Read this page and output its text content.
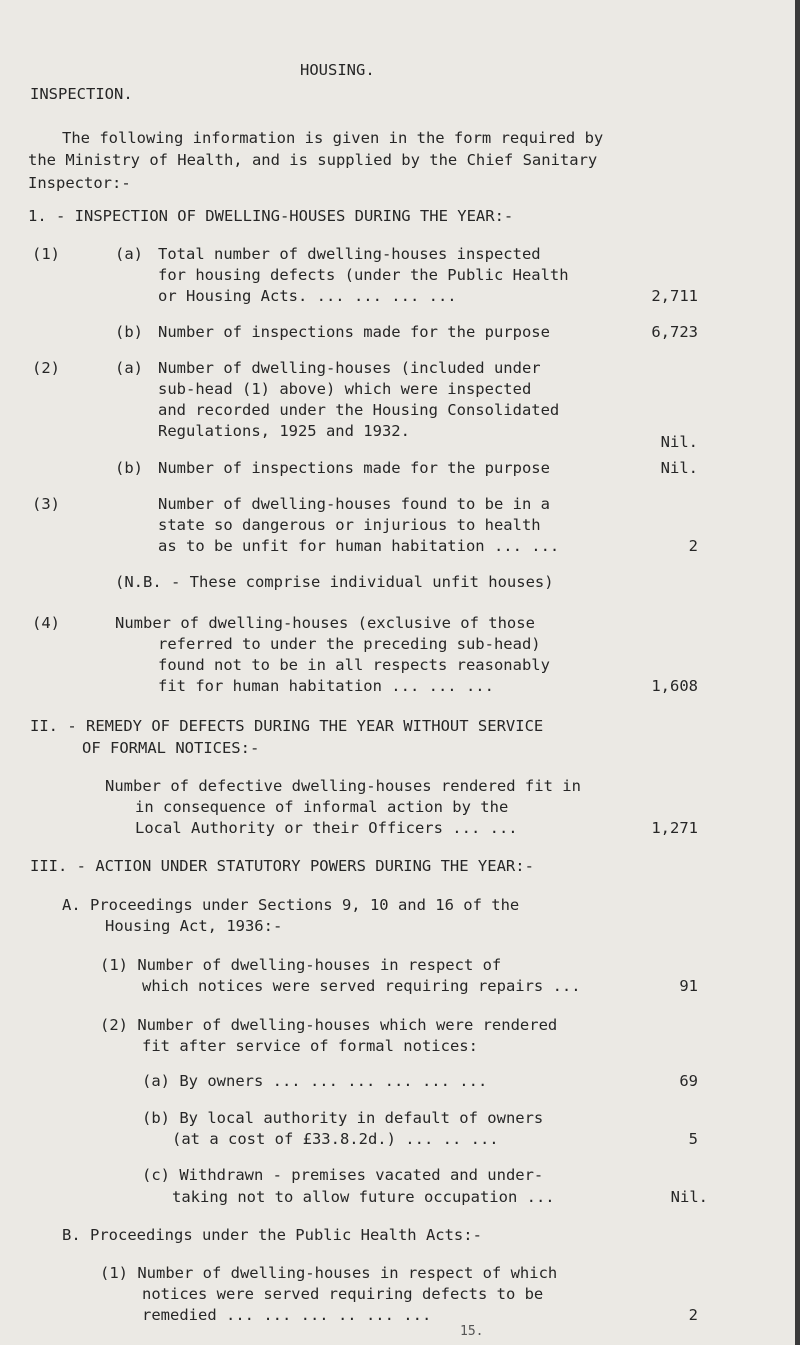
HOUSING.
INSPECTION.
The following information is given in the form required by
the Ministry of Health, and is supplied by the Chief Sanitary
Inspector:-
1. - INSPECTION OF DWELLING-HOUSES DURING THE YEAR:-
(1)	(a) Total number of dwelling-houses inspected
for housing defects (under the Public Health
or Housing Acts. ... ... ... ...	2,711
(b) Number of inspections made for the purpose	6,723
(2)	(a) Number of dwelling-houses (included under
sub-head (1) above) which were inspected
and recorded under the Housing Consolidated
Regulations, 1925 and 1932.
Nil.
(b) Number of inspections made for the purpose	Nil.
(3)	Number of dwelling-houses found to be in a
state so dangerous or injurious to health
as to be unfit for human habitation ... ...	2
(N.B. - These comprise individual unfit houses)
(4)	Number of dwelling-houses (exclusive of those
referred to under the preceding sub-head)
found not to be in all respects reasonably
fit for human habitation ... ... ...	1,608
II. - REMEDY OF DEFECTS DURING THE YEAR WITHOUT SERVICE
OF FORMAL NOTICES:-
Number of defective dwelling-houses rendered fit in
in consequence of informal action by the
Local Authority or their Officers ... ...	1,271
III. - ACTION UNDER STATUTORY POWERS DURING THE YEAR:-
A. Proceedings under Sections 9, 10 and 16 of the
Housing Act, 1936:-
(1) Number of dwelling-houses in respect of
which notices were served requiring repairs ...	91
(2) Number of dwelling-houses which were rendered
fit after service of formal notices:
(a) By owners ... ... ... ... ... ...	69
(b) By local authority in default of owners
(at a cost of £33.8.2d.) ... .. ...	5
(c) Withdrawn - premises vacated and under-
taking not to allow future occupation ...	Nil.
B. Proceedings under the Public Health Acts:-
(1) Number of dwelling-houses in respect of which
notices were served requiring defects to be
remedied ... ... ... .. ... ...	2
15.
